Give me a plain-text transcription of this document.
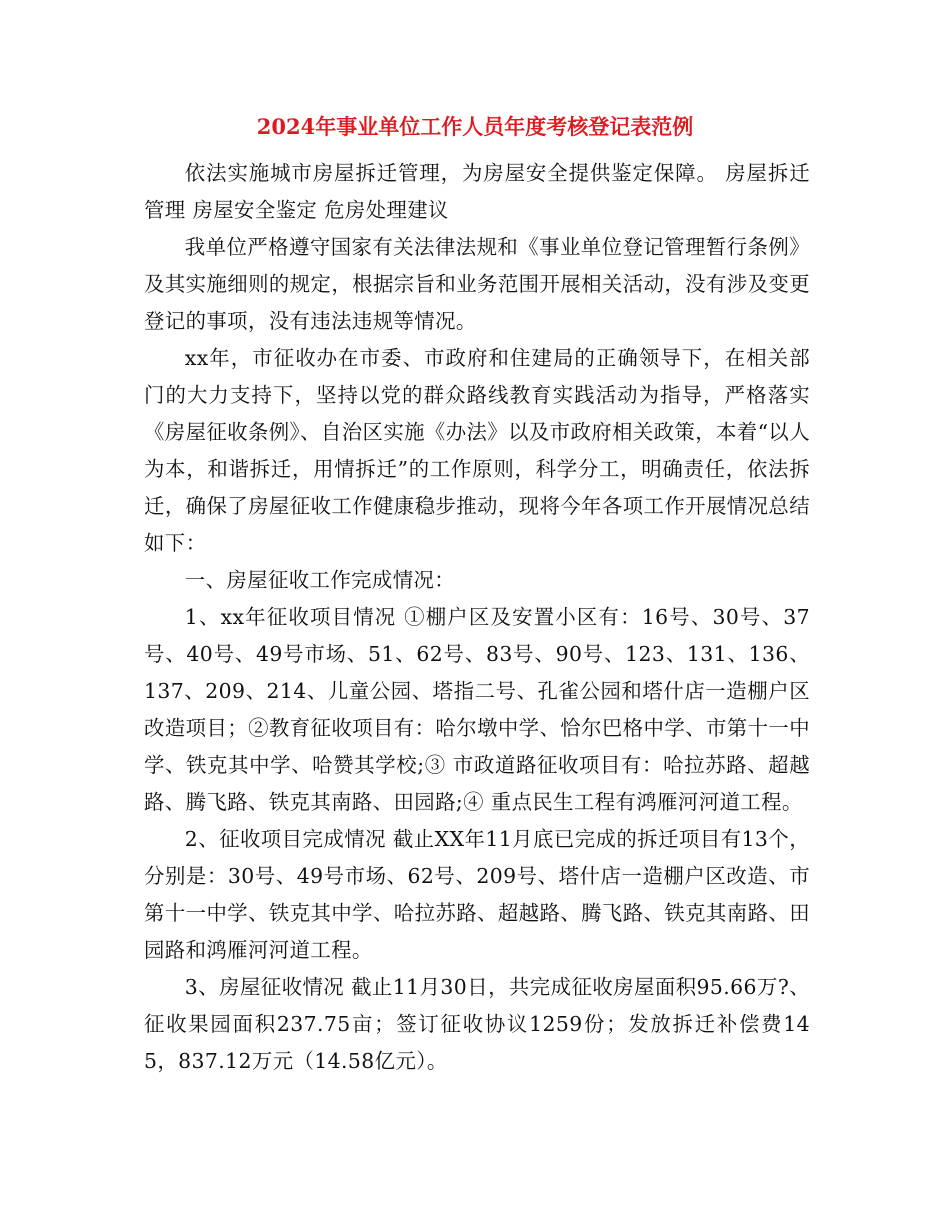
2024年事业单位工作人员年度考核登记表范例

依法实施城市房屋拆迁管理，为房屋安全提供鉴定保障。 房屋拆迁管理 房屋安全鉴定 危房处理建议

我单位严格遵守国家有关法律法规和《事业单位登记管理暂行条例》及其实施细则的规定，根据宗旨和业务范围开展相关活动，没有涉及变更登记的事项，没有违法违规等情况。

xx年，市征收办在市委、市政府和住建局的正确领导下，在相关部门的大力支持下，坚持以党的群众路线教育实践活动为指导，严格落实《房屋征收条例》、自治区实施《办法》以及市政府相关政策，本着“以人为本，和谐拆迁，用情拆迁”的工作原则，科学分工，明确责任，依法拆迁，确保了房屋征收工作健康稳步推动，现将今年各项工作开展情况总结如下：

一、房屋征收工作完成情况：

1、xx年征收项目情况 ①棚户区及安置小区有：16号、30号、37号、40号、49号市场、51、62号、83号、90号、123、131、136、137、209、214、儿童公园、塔指二号、孔雀公园和塔什店一造棚户区改造项目；②教育征收项目有：哈尔墩中学、恰尔巴格中学、市第十一中学、铁克其中学、哈赞其学校;③ 市政道路征收项目有：哈拉苏路、超越路、腾飞路、铁克其南路、田园路;④ 重点民生工程有鸿雁河河道工程。

2、征收项目完成情况 截止XX年11月底已完成的拆迁项目有13个，分别是：30号、49号市场、62号、209号、塔什店一造棚户区改造、市第十一中学、铁克其中学、哈拉苏路、超越路、腾飞路、铁克其南路、田园路和鸿雁河河道工程。

3、房屋征收情况 截止11月30日，共完成征收房屋面积95.66万?、征收果园面积237.75亩；签订征收协议1259份；发放拆迁补偿费145，837.12万元（14.58亿元）。
